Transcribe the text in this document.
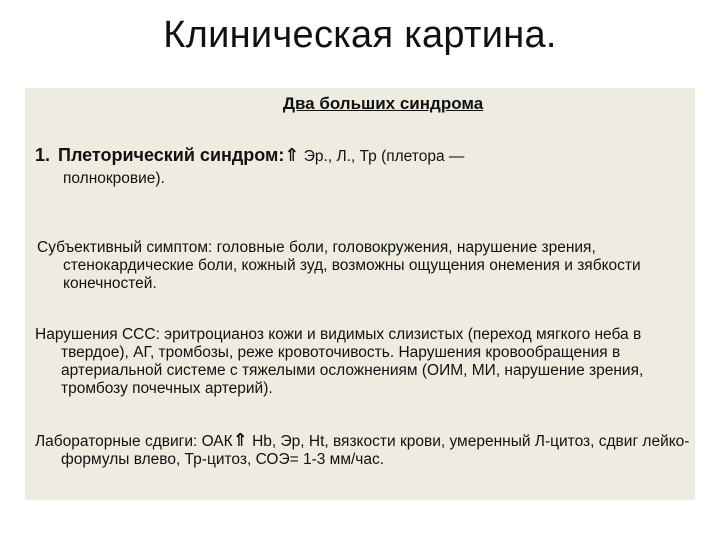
Клиническая картина.
Два больших синдрома
1. Плеторический синдром:⇑ Эр., Л., Тр (плетора —
полнокровие).
Субъективный симптом: головные боли, головокружения, нарушение зрения, стенокардические боли, кожный зуд, возможны ощущения онемения и зябкости конечностей.
Нарушения ССС: эритроцианоз кожи и видимых слизистых (переход мягкого неба в твердое), АГ, тромбозы, реже кровоточивость. Нарушения кровообращения в артериальной системе с тяжелыми осложнениям (ОИМ, МИ, нарушение зрения, тромбозу почечных артерий).
Лабораторные сдвиги: ОАК⇑ Hb, Эр, Ht, вязкости крови, умеренный Л-цитоз, сдвиг лейко-формулы влево, Тр-цитоз, СОЭ= 1-3 мм/час.
